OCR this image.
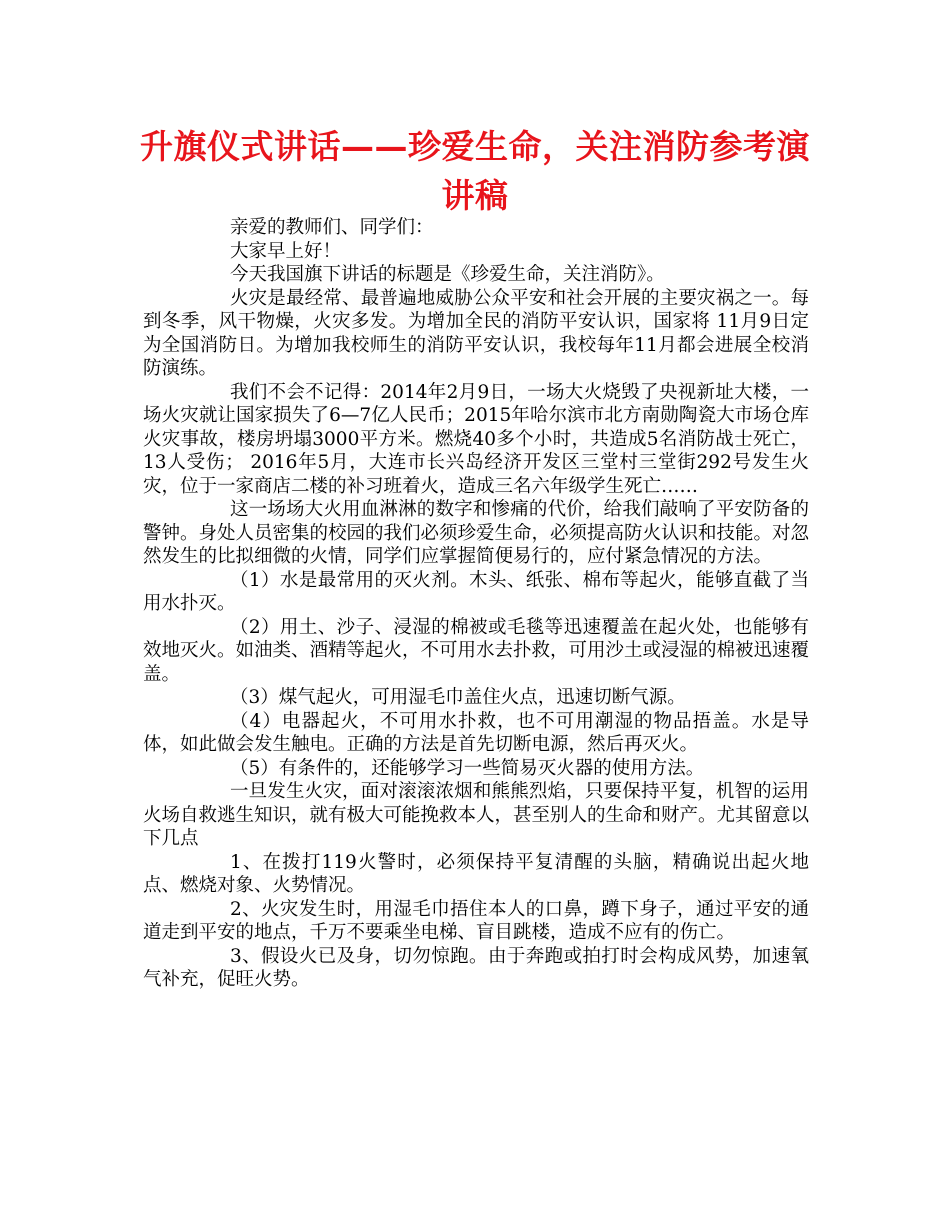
升旗仪式讲话——珍爱生命，关注消防参考演讲稿

亲爱的教师们、同学们：

大家早上好！

今天我国旗下讲话的标题是《珍爱生命，关注消防》。

火灾是最经常、最普遍地威胁公众平安和社会开展的主要灾祸之一。每到冬季，风干物燥，火灾多发。为增加全民的消防平安认识，国家将 11月9日定为全国消防日。为增加我校师生的消防平安认识，我校每年11月都会进展全校消防演练。

我们不会不记得：2014年2月9日，一场大火烧毁了央视新址大楼，一场火灾就让国家损失了6—7亿人民币；2015年哈尔滨市北方南勋陶瓷大市场仓库火灾事故，楼房坍塌3000平方米。燃烧40多个小时，共造成5名消防战士死亡，13人受伤； 2016年5月，大连市长兴岛经济开发区三堂村三堂街292号发生火灾，位于一家商店二楼的补习班着火，造成三名六年级学生死亡……

这一场场大火用血淋淋的数字和惨痛的代价，给我们敲响了平安防备的警钟。身处人员密集的校园的我们必须珍爱生命，必须提高防火认识和技能。对忽然发生的比拟细微的火情，同学们应掌握简便易行的，应付紧急情况的方法。

（1）水是最常用的灭火剂。木头、纸张、棉布等起火，能够直截了当用水扑灭。

（2）用土、沙子、浸湿的棉被或毛毯等迅速覆盖在起火处，也能够有效地灭火。如油类、酒精等起火，不可用水去扑救，可用沙土或浸湿的棉被迅速覆盖。

（3）煤气起火，可用湿毛巾盖住火点，迅速切断气源。

（4）电器起火，不可用水扑救，也不可用潮湿的物品捂盖。水是导体，如此做会发生触电。正确的方法是首先切断电源，然后再灭火。

（5）有条件的，还能够学习一些简易灭火器的使用方法。

一旦发生火灾，面对滚滚浓烟和熊熊烈焰，只要保持平复，机智的运用火场自救逃生知识，就有极大可能挽救本人，甚至别人的生命和财产。尤其留意以下几点

1、在拨打119火警时，必须保持平复清醒的头脑，精确说出起火地点、燃烧对象、火势情况。

2、火灾发生时，用湿毛巾捂住本人的口鼻，蹲下身子，通过平安的通道走到平安的地点，千万不要乘坐电梯、盲目跳楼，造成不应有的伤亡。

3、假设火已及身，切勿惊跑。由于奔跑或拍打时会构成风势，加速氧气补充，促旺火势。
